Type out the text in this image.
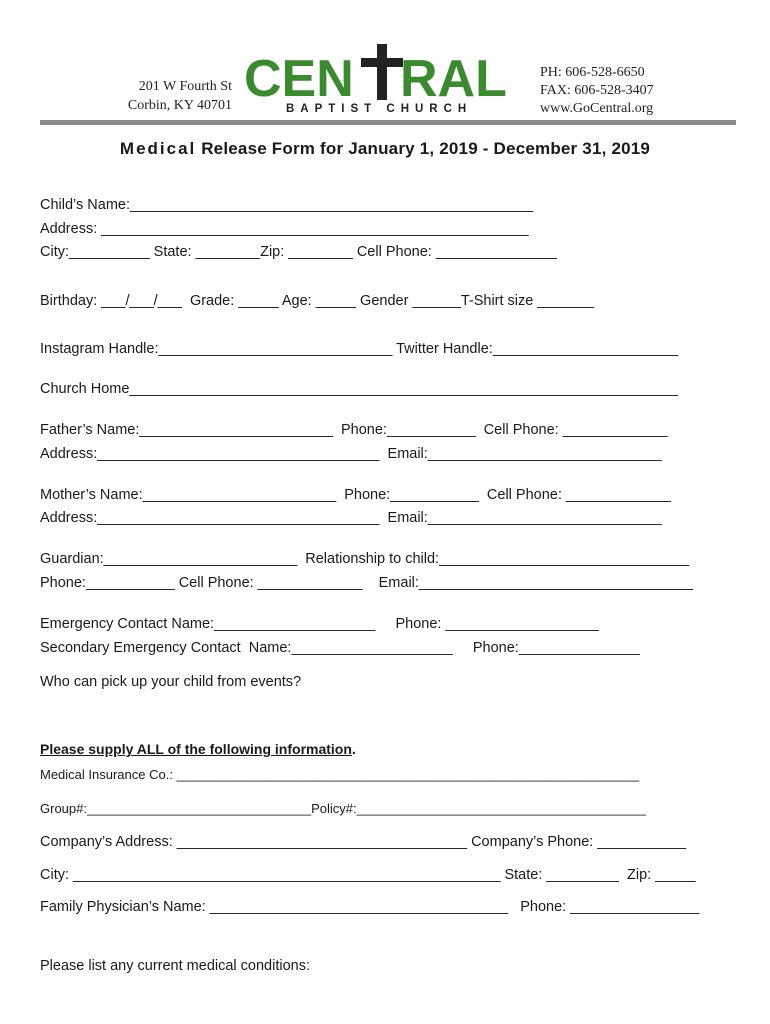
201 W Fourth St
Corbin, KY 40701 CEN RAL
BAPTIST CHURCH
PH: 606-528-6650
FAX: 606-528-3407
www.GoCentral.org
Medical Release Form for January 1, 2019 - December 31, 2019
Child’s Name:__________________________________________________
Address: _____________________________________________________
City:__________ State: ________Zip: ________ Cell Phone: _______________
Birthday: ___/___/___  Grade: _____ Age: _____ Gender ______T-Shirt size _______
Instagram Handle:_____________________________ Twitter Handle:_______________________
Church Home____________________________________________________________________
Father’s Name:________________________  Phone:___________  Cell Phone: _____________
Address:___________________________________  Email:_____________________________
Mother’s Name:________________________  Phone:___________  Cell Phone: _____________
Address:___________________________________  Email:_____________________________
Guardian:________________________  Relationship to child:_______________________________
Phone:___________ Cell Phone: _____________    Email:__________________________________
Emergency Contact Name:____________________     Phone: ___________________
Secondary Emergency Contact  Name:____________________     Phone:_______________
Who can pick up your child from events?
Please supply ALL of the following information.
Medical Insurance Co.: ________________________________________________________________
Group#:_______________________________Policy#:________________________________________
Company’s Address: ____________________________________ Company’s Phone: ___________
City: _____________________________________________________ State: _________  Zip: _____
Family Physician’s Name: _____________________________________   Phone: ________________
Please list any current medical conditions:
